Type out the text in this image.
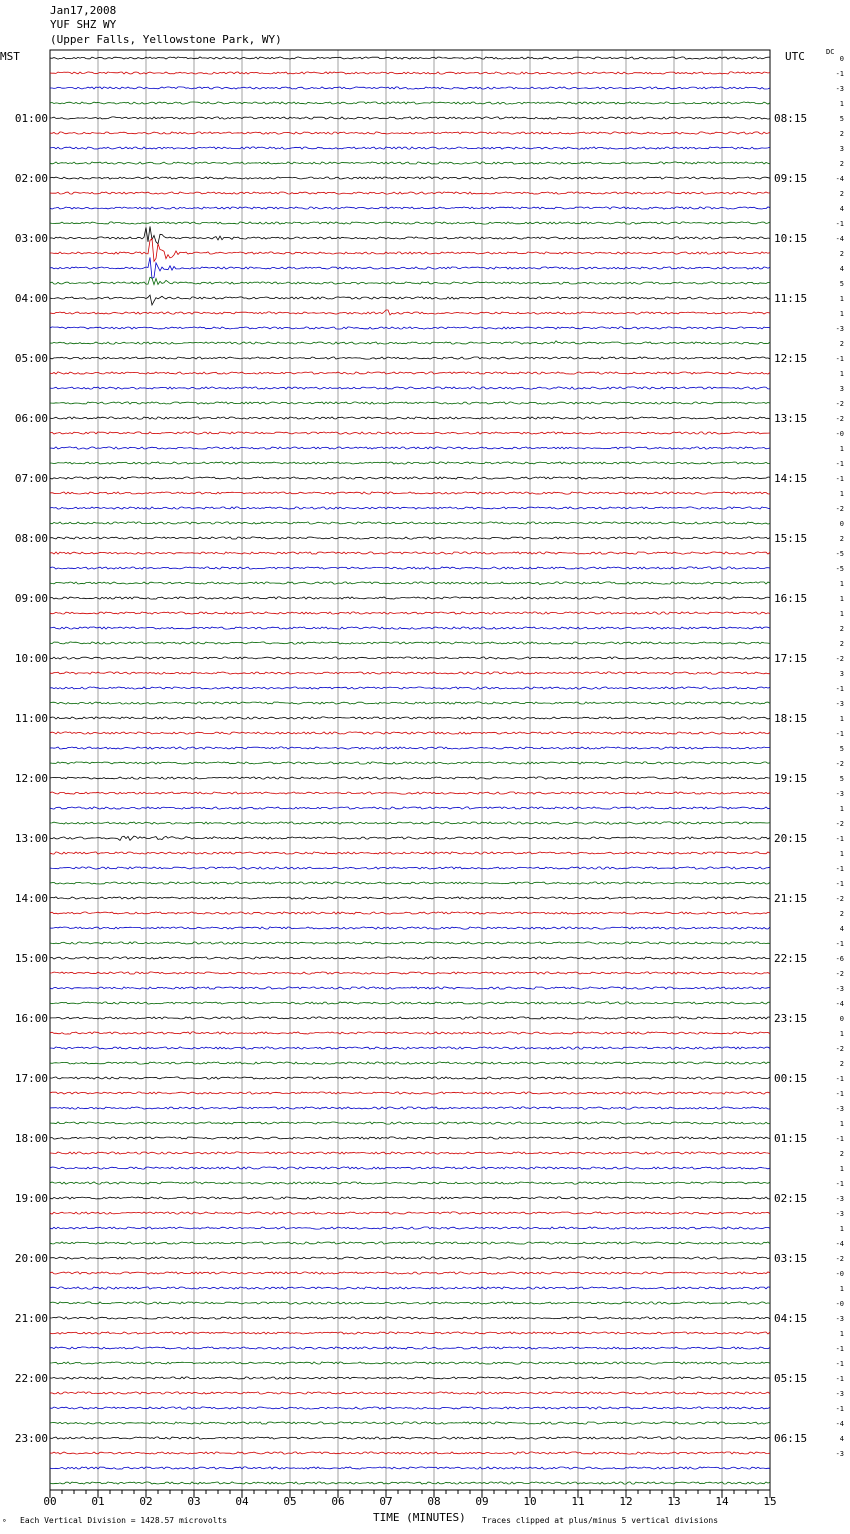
01:00
02:00
03:00
04:00
05:00
06:00
07:00
08:00
09:00
10:00
11:00
12:00
13:00
14:00
15:00
16:00
17:00
18:00
19:00
20:00
21:00
22:00
23:00
08:15
09:15
10:15
11:15
12:15
13:15
14:15
15:15
16:15
17:15
18:15
19:15
20:15
21:15
22:15
23:15
00:15
01:15
02:15
03:15
04:15
05:15
06:15
0
-1
-3
1
5
2
3
2
-4
2
4
-1
-4
2
4
5
1
1
-3
2
-1
1
3
-2
-2
-0
1
-1
-1
1
-2
0
2
-5
-5
1
1
1
2
2
-2
3
-1
-3
1
-1
5
-2
5
-3
1
-2
-1
1
-1
-1
-2
2
4
-1
-6
-2
-3
-4
0
1
-2
2
-1
-1
-3
1
-1
2
1
-1
-3
-3
1
-4
-2
-0
1
-0
-3
1
-1
-1
-1
-3
-1
-4
4
-3
00	01	02	03	04	05	06	07	08	09	10	11	12	13	14	15
Jan17,2008
YUF SHZ WY
(Upper Falls, Yellowstone Park, WY)
MST	UTC	DC
TIME (MINUTES)
∘ Each Vertical Division = 1428.57 microvolts	Traces clipped at plus/minus 5 vertical divisions
